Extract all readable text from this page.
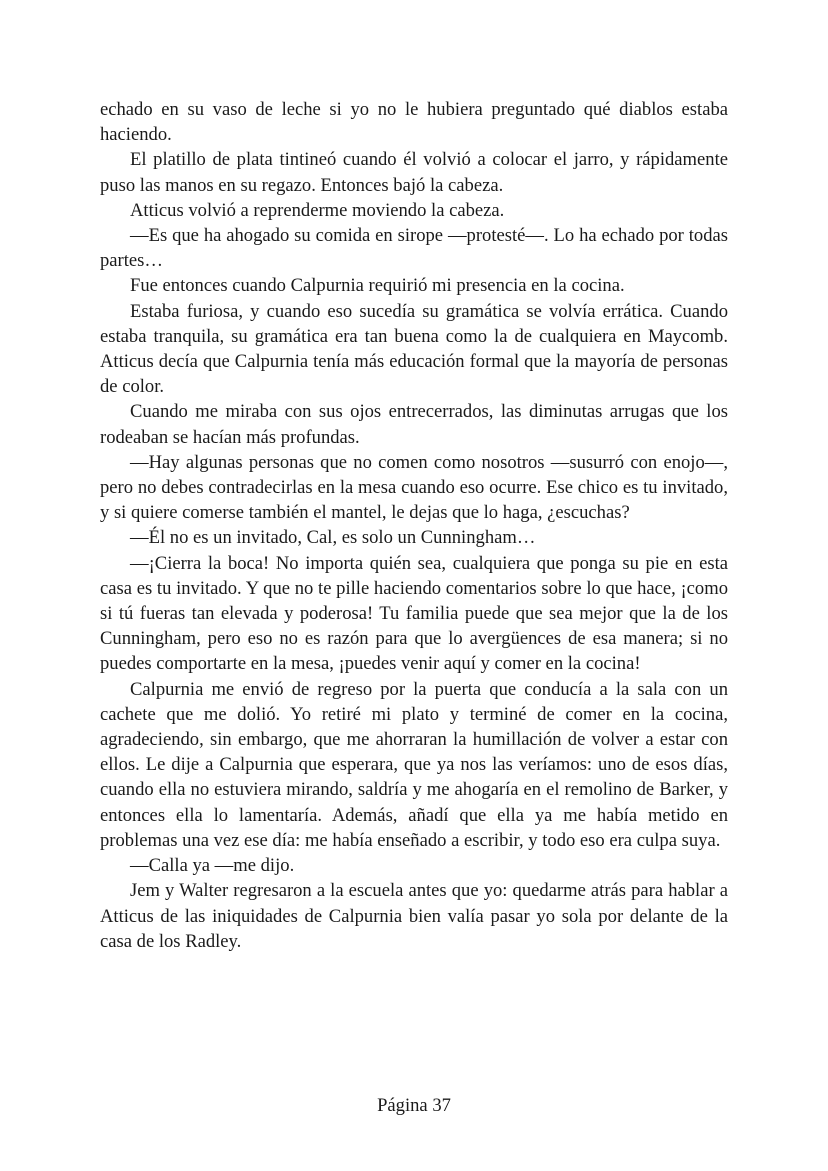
echado en su vaso de leche si yo no le hubiera preguntado qué diablos estaba haciendo.

El platillo de plata tintineó cuando él volvió a colocar el jarro, y rápidamente puso las manos en su regazo. Entonces bajó la cabeza.

Atticus volvió a reprenderme moviendo la cabeza.

—Es que ha ahogado su comida en sirope —protesté—. Lo ha echado por todas partes…

Fue entonces cuando Calpurnia requirió mi presencia en la cocina.

Estaba furiosa, y cuando eso sucedía su gramática se volvía errática. Cuando estaba tranquila, su gramática era tan buena como la de cualquiera en Maycomb. Atticus decía que Calpurnia tenía más educación formal que la mayoría de personas de color.

Cuando me miraba con sus ojos entrecerrados, las diminutas arrugas que los rodeaban se hacían más profundas.

—Hay algunas personas que no comen como nosotros —susurró con enojo—, pero no debes contradecirlas en la mesa cuando eso ocurre. Ese chico es tu invitado, y si quiere comerse también el mantel, le dejas que lo haga, ¿escuchas?

—Él no es un invitado, Cal, es solo un Cunningham…

—¡Cierra la boca! No importa quién sea, cualquiera que ponga su pie en esta casa es tu invitado. Y que no te pille haciendo comentarios sobre lo que hace, ¡como si tú fueras tan elevada y poderosa! Tu familia puede que sea mejor que la de los Cunningham, pero eso no es razón para que lo avergüences de esa manera; si no puedes comportarte en la mesa, ¡puedes venir aquí y comer en la cocina!

Calpurnia me envió de regreso por la puerta que conducía a la sala con un cachete que me dolió. Yo retiré mi plato y terminé de comer en la cocina, agradeciendo, sin embargo, que me ahorraran la humillación de volver a estar con ellos. Le dije a Calpurnia que esperara, que ya nos las veríamos: uno de esos días, cuando ella no estuviera mirando, saldría y me ahogaría en el remolino de Barker, y entonces ella lo lamentaría. Además, añadí que ella ya me había metido en problemas una vez ese día: me había enseñado a escribir, y todo eso era culpa suya.

—Calla ya —me dijo.

Jem y Walter regresaron a la escuela antes que yo: quedarme atrás para hablar a Atticus de las iniquidades de Calpurnia bien valía pasar yo sola por delante de la casa de los Radley.

Página 37
